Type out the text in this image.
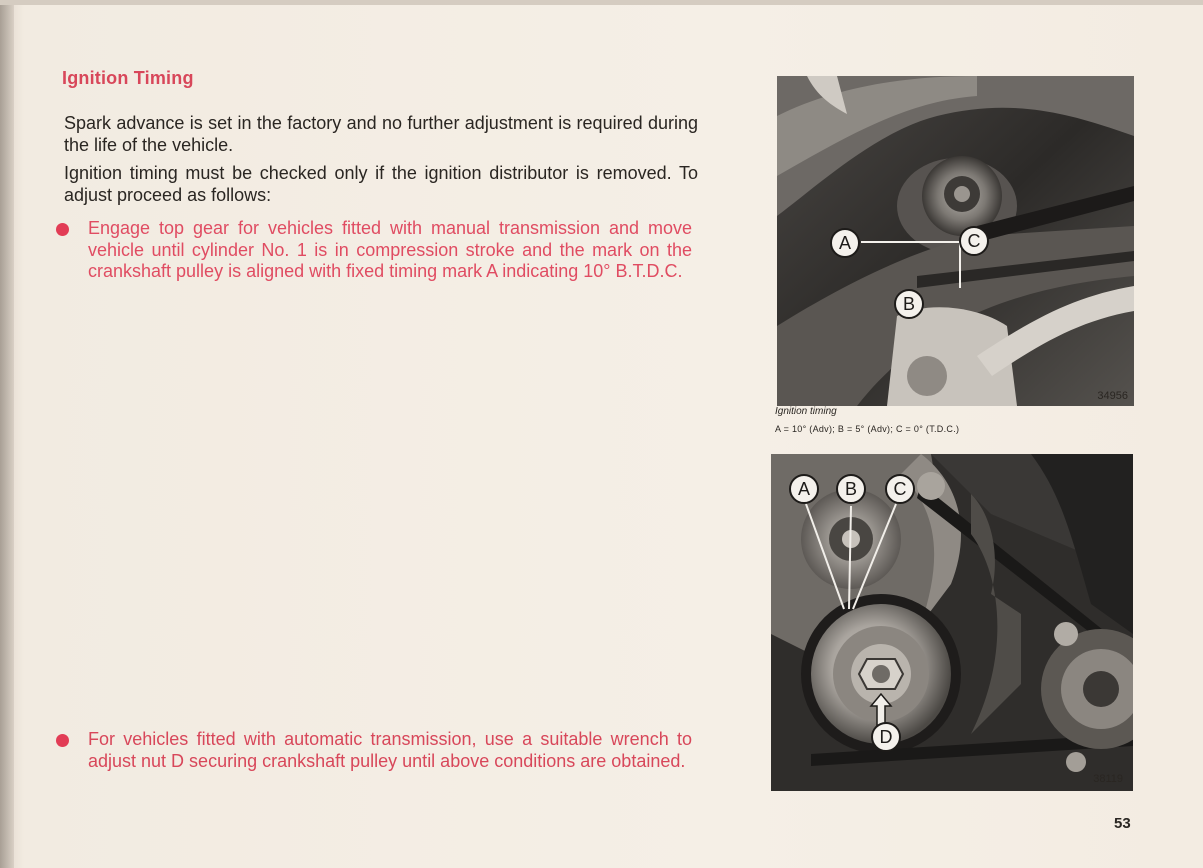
Ignition Timing
Spark advance is set in the factory and no further adjustment is required during the life of the vehicle.
Ignition timing must be checked only if the ignition distributor is removed. To adjust proceed as follows:
Engage top gear for vehicles fitted with manual transmission and move vehicle until cylinder No. 1 is in compression stroke and the mark on the crankshaft pulley is aligned with fixed timing mark A indicating 10° B.T.D.C.
For vehicles fitted with automatic transmission, use a suitable wrench to adjust nut D securing crankshaft pulley until above conditions are obtained.
A	C
B
34956
Ignition timing
A = 10° (Adv); B = 5° (Adv); C = 0° (T.D.C.)
A	B	C
D
38119
53
